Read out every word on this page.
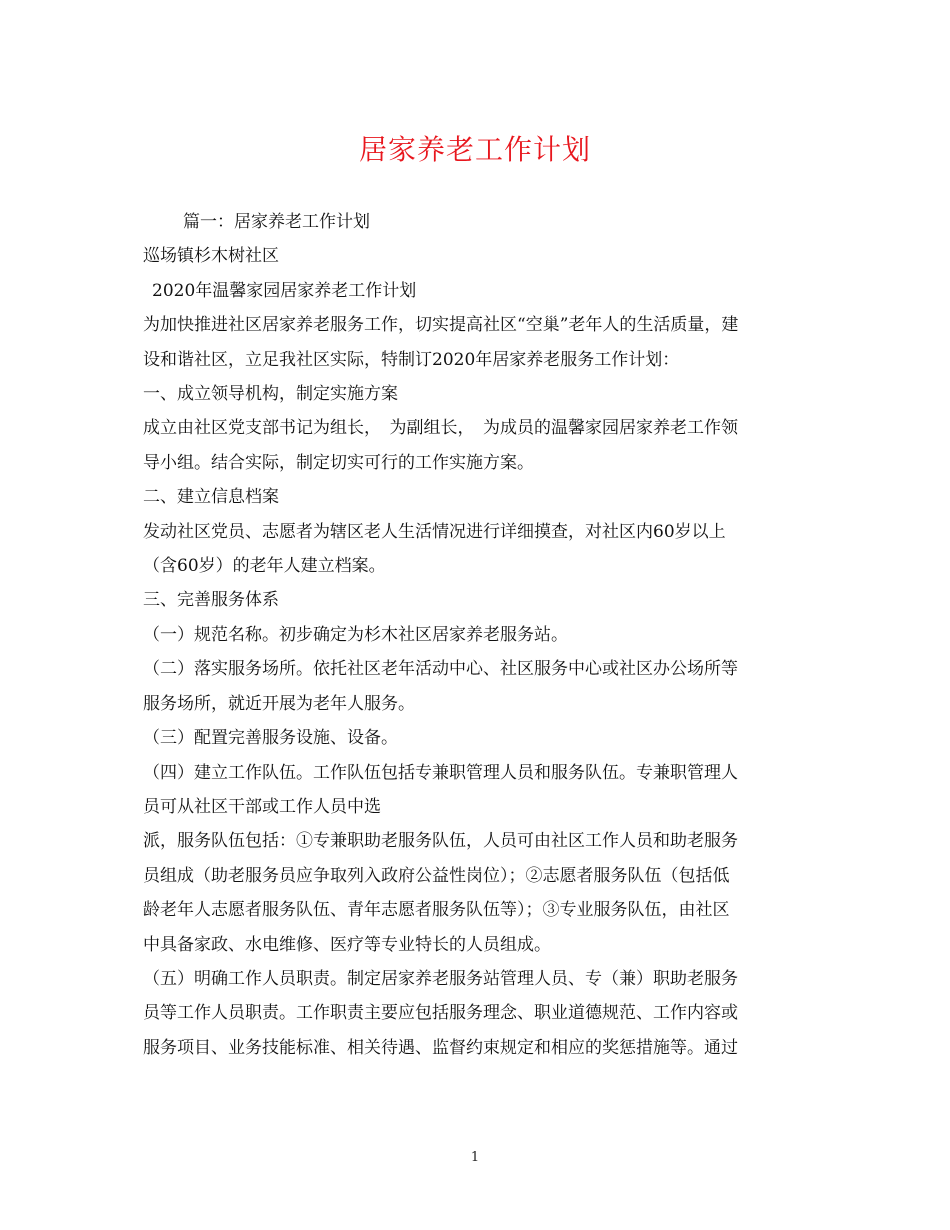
居家养老工作计划

篇一：居家养老工作计划

巡场镇杉木树社区

2020年温馨家园居家养老工作计划

为加快推进社区居家养老服务工作，切实提高社区“空巢”老年人的生活质量，建

设和谐社区，立足我社区实际，特制订2020年居家养老服务工作计划：

一、成立领导机构，制定实施方案

成立由社区党支部书记为组长，　为副组长，　为成员的温馨家园居家养老工作领

导小组。结合实际，制定切实可行的工作实施方案。

二、建立信息档案

发动社区党员、志愿者为辖区老人生活情况进行详细摸查，对社区内60岁以上

（含60岁）的老年人建立档案。

三、完善服务体系

（一）规范名称。初步确定为杉木社区居家养老服务站。

（二）落实服务场所。依托社区老年活动中心、社区服务中心或社区办公场所等

服务场所，就近开展为老年人服务。

（三）配置完善服务设施、设备。

（四）建立工作队伍。工作队伍包括专兼职管理人员和服务队伍。专兼职管理人

员可从社区干部或工作人员中选

派，服务队伍包括：①专兼职助老服务队伍，人员可由社区工作人员和助老服务

员组成（助老服务员应争取列入政府公益性岗位）；②志愿者服务队伍（包括低

龄老年人志愿者服务队伍、青年志愿者服务队伍等）；③专业服务队伍，由社区

中具备家政、水电维修、医疗等专业特长的人员组成。

（五）明确工作人员职责。制定居家养老服务站管理人员、专（兼）职助老服务

员等工作人员职责。工作职责主要应包括服务理念、职业道德规范、工作内容或

服务项目、业务技能标准、相关待遇、监督约束规定和相应的奖惩措施等。通过

1
